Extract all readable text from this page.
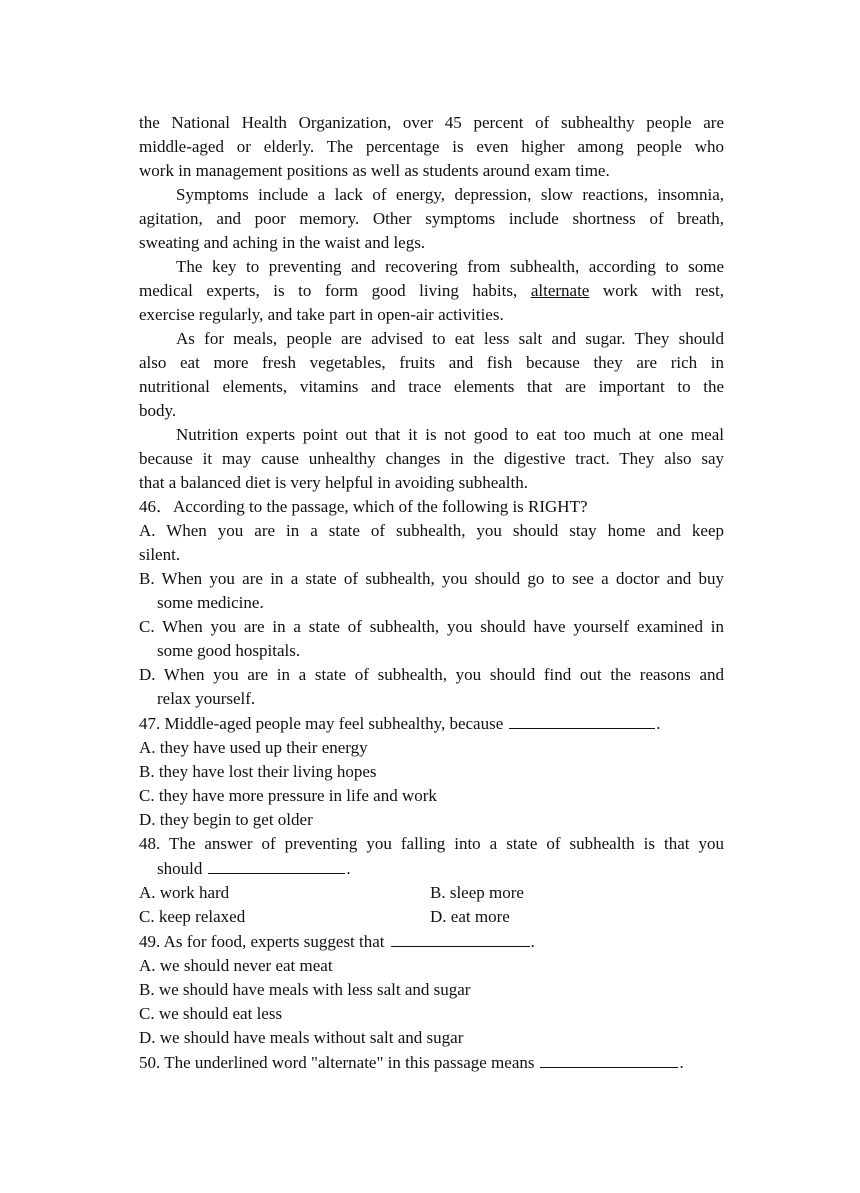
the National Health Organization, over 45 percent of subhealthy people are
middle-aged or elderly. The percentage is even higher among people who
work in management positions as well as students around exam time.
Symptoms include a lack of energy, depression, slow reactions, insomnia,
agitation, and poor memory. Other symptoms include shortness of breath,
sweating and aching in the waist and legs.
The key to preventing and recovering from subhealth, according to some
medical experts, is to form good living habits, alternate work with rest,
exercise regularly, and take part in open-air activities.
As for meals, people are advised to eat less salt and sugar. They should
also eat more fresh vegetables, fruits and fish because they are rich in
nutritional elements, vitamins and trace elements that are important to the
body.
Nutrition experts point out that it is not good to eat too much at one meal
because it may cause unhealthy changes in the digestive tract. They also say
that a balanced diet is very helpful in avoiding subhealth.
46．According to the passage, which of the following is RIGHT?
A. When you are in a state of subhealth, you should stay home and keep
silent.
B. When you are in a state of subhealth, you should go to see a doctor and buy
some medicine.
C. When you are in a state of subhealth, you should have yourself examined in
some good hospitals.
D. When you are in a state of subhealth, you should find out the reasons and
relax yourself.
47. Middle-aged people may feel subhealthy, because	.
A. they have used up their energy
B. they have lost their living hopes
C. they have more pressure in life and work
D. they begin to get older
48. The answer of preventing you falling into a state of subhealth is that you
should	.
A. work hard	B. sleep more
C. keep relaxed	D. eat more
49. As for food, experts suggest that	.
A. we should never eat meat
B. we should have meals with less salt and sugar
C. we should eat less
D. we should have meals without salt and sugar
50. The underlined word "alternate" in this passage means	.
